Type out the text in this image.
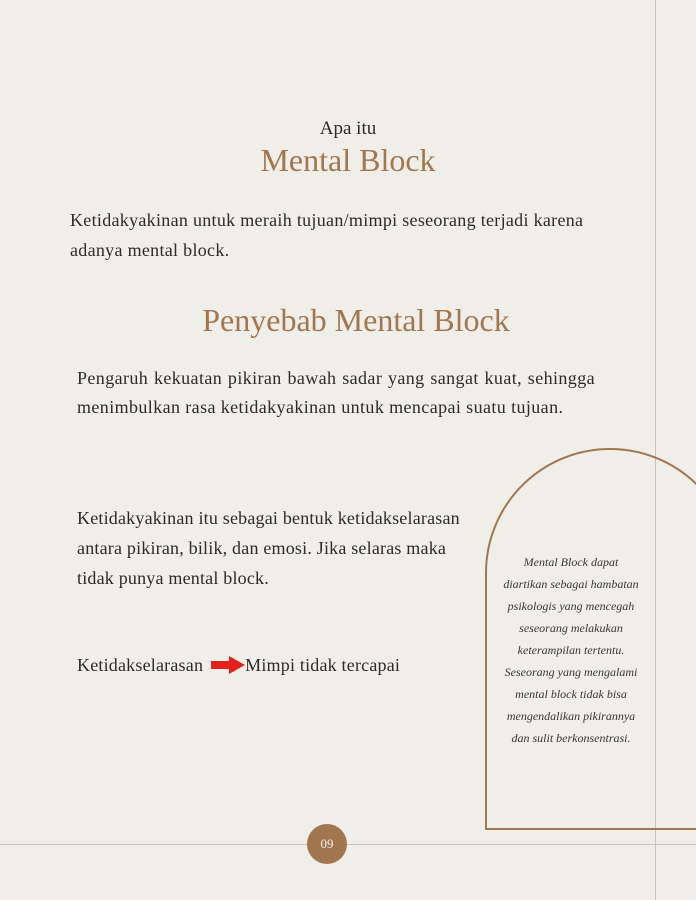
Apa itu
Mental Block
Ketidakyakinan untuk meraih tujuan/mimpi seseorang terjadi karena adanya mental block.
Penyebab Mental Block
Pengaruh kekuatan pikiran bawah sadar yang sangat kuat, sehingga menimbulkan rasa ketidakyakinan untuk mencapai suatu tujuan.
Ketidakyakinan itu sebagai bentuk ketidakselarasan antara pikiran, bilik, dan emosi. Jika selaras maka tidak punya mental block.
Ketidakselarasan Mimpi tidak tercapai
Mental Block dapat diartikan sebagai hambatan psikologis yang mencegah seseorang melakukan keterampilan tertentu. Seseorang yang mengalami mental block tidak bisa mengendalikan pikirannya dan sulit berkonsentrasi.
09
